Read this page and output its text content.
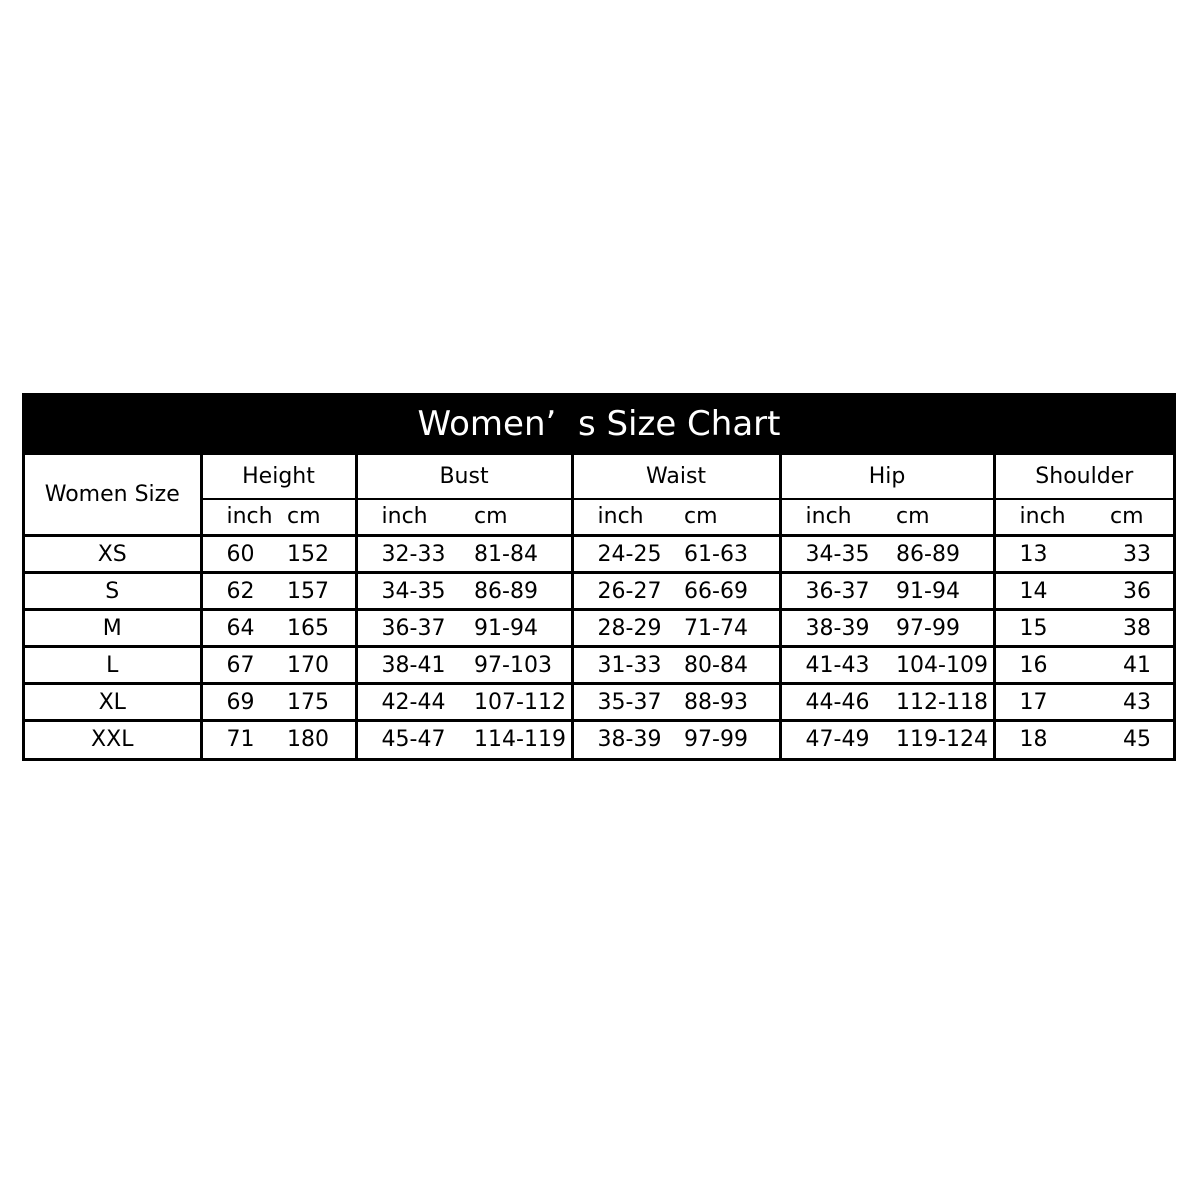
Women’  s Size Chart
Women Size	Height		Bust		Waist		Hip		Shoulder	
	inch	cm	inch	cm	inch	cm	inch	cm	inch	cm
XS	60	152	32-33	81-84	24-25	61-63	34-35	86-89	13	33
S	62	157	34-35	86-89	26-27	66-69	36-37	91-94	14	36
M	64	165	36-37	91-94	28-29	71-74	38-39	97-99	15	38
L	67	170	38-41	97-103	31-33	80-84	41-43	104-109	16	41
XL	69	175	42-44	107-112	35-37	88-93	44-46	112-118	17	43
XXL	71	180	45-47	114-119	38-39	97-99	47-49	119-124	18	45
